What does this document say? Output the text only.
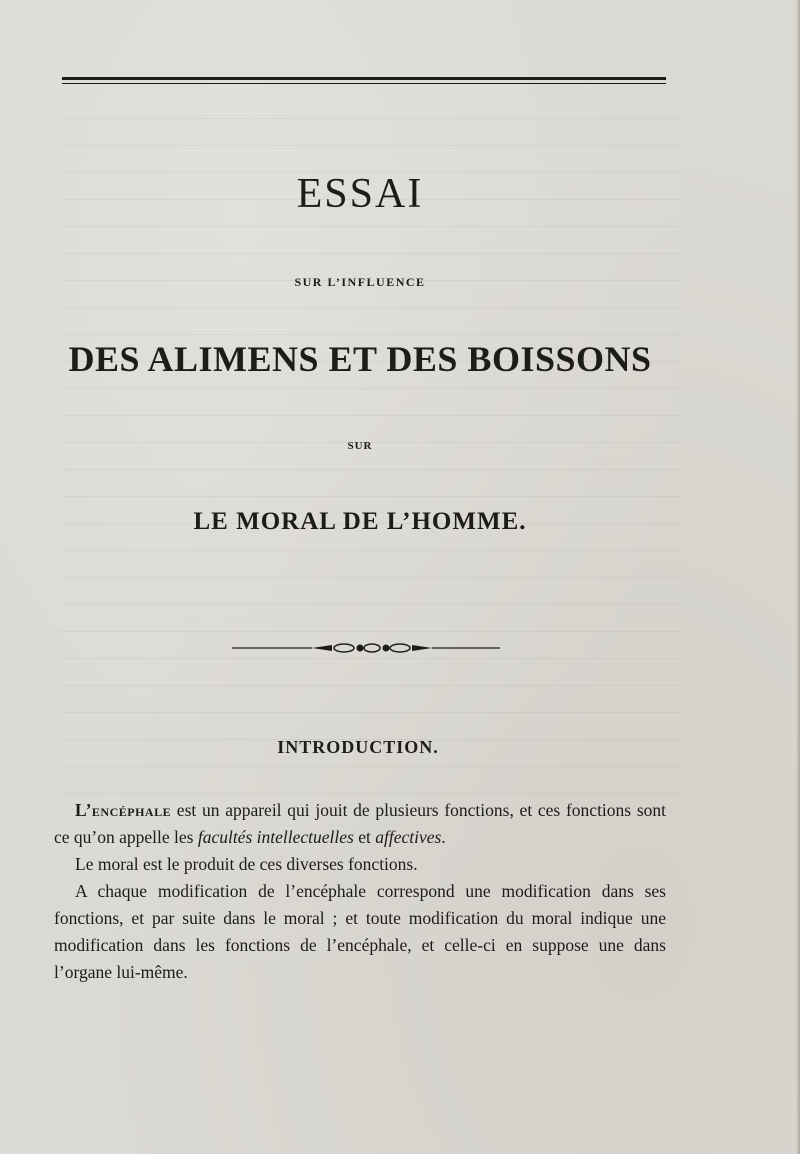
ESSAI
SUR L’INFLUENCE
DES ALIMENS ET DES BOISSONS
SUR
LE MORAL DE L’HOMME.
INTRODUCTION.

L’encéphale est un appareil qui jouit de plusieurs fonctions, et ces fonctions sont ce qu’on appelle les facultés intellectuelles et affectives.

Le moral est le produit de ces diverses fonctions.

A chaque modification de l’encéphale correspond une modification dans ses fonctions, et par suite dans le moral ; et toute modification du moral indique une modification dans les fonctions de l’encéphale, et celle-ci en suppose une dans l’organe lui-même.
